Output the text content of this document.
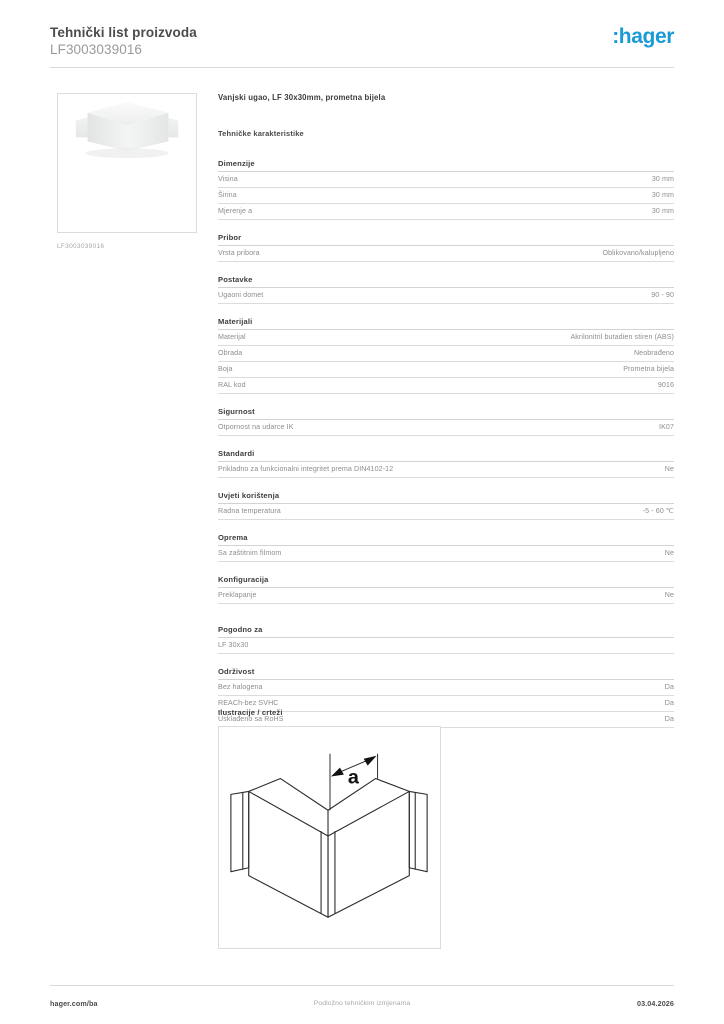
Tehnički list proizvoda
LF3003039016
:hager
LF3003039016
Vanjski ugao, LF 30x30mm, prometna bijela
Tehničke karakteristike
Dimenzije
Visina	30 mm
Širina	30 mm
Mjerenje a	30 mm
Pribor
Vrsta pribora	Oblikovano/kaluplјeno
Postavke
Ugaoni domet	90 - 90
Materijali
Materijal	Akrilonitril butadien stiren (ABS)
Obrada	Neobrađeno
Boja	Prometna bijela
RAL kod	9016
Sigurnost
Otpornost na udarce IK	IK07
Standardi
Prikladno za funkcionalni integritet prema DIN4102-12	Ne
Uvjeti korištenja
Radna temperatura	-5 - 60 ℃
Oprema
Sa zaštitnim filmom	Ne
Konfiguracija
Preklapanje	Ne
Pogodno za
LF 30x30
Održivost
Bez halogena	Da
REACh-bez SVHC	Da
Usklađeno sa RoHS	Da
Ilustracije / crteži
a
hager.com/ba	Podložno tehničkim izmjenama	03.04.2026
